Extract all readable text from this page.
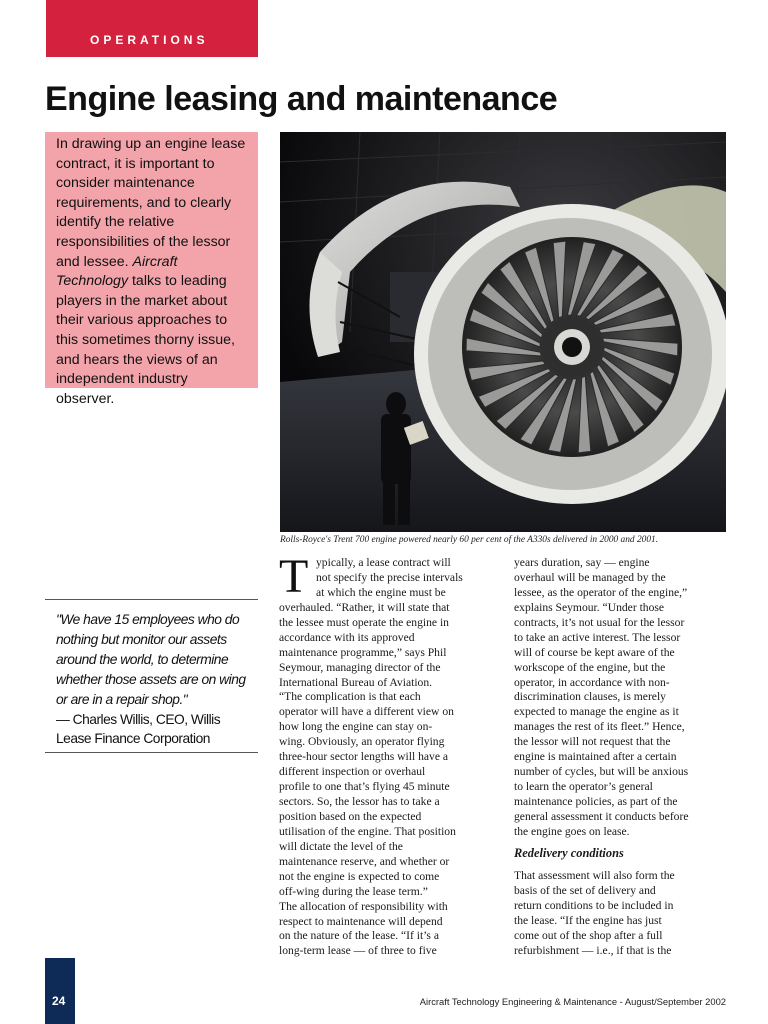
OPERATIONS
Engine leasing and maintenance
In drawing up an engine lease contract, it is important to consider maintenance requirements, and to clearly identify the relative responsibilities of the lessor and lessee. Aircraft Technology talks to leading players in the market about their various approaches to this sometimes thorny issue, and hears the views of an independent industry observer.
Rolls-Royce's Trent 700 engine powered nearly 60 per cent of the A330s delivered in 2000 and 2001.
"We have 15 employees who do nothing but monitor our assets around the world, to determine whether those assets are on wing or are in a repair shop."
— Charles Willis, CEO, Willis Lease Finance Corporation
T ypically, a lease contract will
not specify the precise intervals
at which the engine must be
overhauled. “Rather, it will state that
the lessee must operate the engine in
accordance with its approved
maintenance programme,” says Phil
Seymour, managing director of the
International Bureau of Aviation.
“The complication is that each
operator will have a different view on
how long the engine can stay on-
wing. Obviously, an operator flying
three-hour sector lengths will have a
different inspection or overhaul
profile to one that’s flying 45 minute
sectors. So, the lessor has to take a
position based on the expected
utilisation of the engine. That position
will dictate the level of the
maintenance reserve, and whether or
not the engine is expected to come
off-wing during the lease term.”
The allocation of responsibility with
respect to maintenance will depend
on the nature of the lease. “If it’s a
long-term lease — of three to five
years duration, say — engine
overhaul will be managed by the
lessee, as the operator of the engine,”
explains Seymour. “Under those
contracts, it’s not usual for the lessor
to take an active interest. The lessor
will of course be kept aware of the
workscope of the engine, but the
operator, in accordance with non-
discrimination clauses, is merely
expected to manage the engine as it
manages the rest of its fleet.” Hence,
the lessor will not request that the
engine is maintained after a certain
number of cycles, but will be anxious
to learn the operator’s general
maintenance policies, as part of the
general assessment it conducts before
the engine goes on lease.
Redelivery conditions
That assessment will also form the
basis of the set of delivery and
return conditions to be included in
the lease. “If the engine has just
come out of the shop after a full
refurbishment — i.e., if that is the
24	Aircraft Technology Engineering & Maintenance - August/September 2002
